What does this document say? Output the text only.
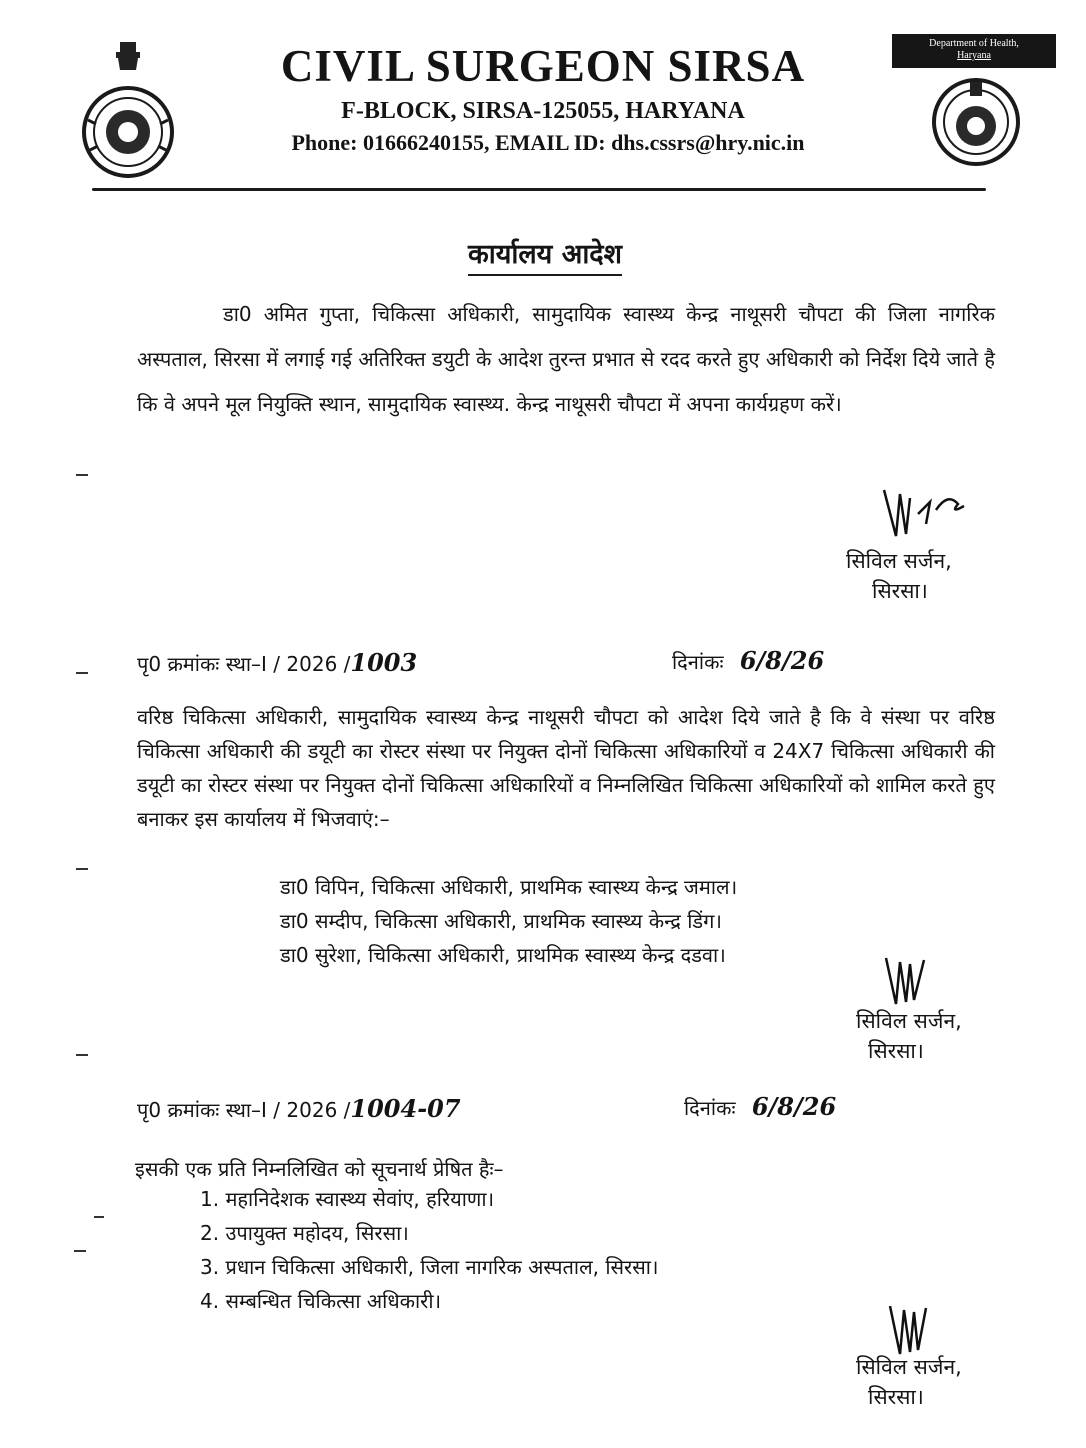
CIVIL SURGEON SIRSA
F-BLOCK, SIRSA-125055, HARYANA
Phone: 01666240155, EMAIL ID: dhs.cssrs@hry.nic.in
Department of Health,
Haryana
कार्यालय आदेश
डा0 अमित गुप्ता, चिकित्सा अधिकारी, सामुदायिक स्वास्थ्य केन्द्र नाथूसरी चौपटा की जिला नागरिक अस्पताल, सिरसा में लगाई गई अतिरिक्त डयुटी के आदेश तुरन्त प्रभात से रदद करते हुए अधिकारी को निर्देश दिये जाते है कि वे अपने मूल नियुक्ति स्थान, सामुदायिक स्वास्थ्य. केन्द्र नाथूसरी चौपटा में अपना कार्यग्रहण करें।
सिविल सर्जन,
सिरसा।
पृ0 क्रमांकः स्था–I / 2026 /1003	दिनांकः 6/8/26
वरिष्ठ चिकित्सा अधिकारी, सामुदायिक स्वास्थ्य केन्द्र नाथूसरी चौपटा को आदेश दिये जाते है कि वे संस्था पर वरिष्ठ चिकित्सा अधिकारी की डयूटी का रोस्टर संस्था पर नियुक्त दोनों चिकित्सा अधिकारियों व 24X7 चिकित्सा अधिकारी की डयूटी का रोस्टर संस्था पर नियुक्त दोनों चिकित्सा अधिकारियों व निम्नलिखित चिकित्सा अधिकारियों को शामिल करते हुए बनाकर इस कार्यालय में भिजवाएं:–
डा0 विपिन, चिकित्सा अधिकारी, प्राथमिक स्वास्थ्य केन्द्र जमाल।
डा0 सम्दीप, चिकित्सा अधिकारी, प्राथमिक स्वास्थ्य केन्द्र डिंग।
डा0 सुरेशा, चिकित्सा अधिकारी, प्राथमिक स्वास्थ्य केन्द्र दडवा।
सिविल सर्जन,
सिरसा।
पृ0 क्रमांकः स्था–I / 2026 /1004-07	दिनांकः 6/8/26
इसकी एक प्रति निम्नलिखित को सूचनार्थ प्रेषित हैः–
1. महानिदेशक स्वास्थ्य सेवांए, हरियाणा।
2. उपायुक्त महोदय, सिरसा।
3. प्रधान चिकित्सा अधिकारी, जिला नागरिक अस्पताल, सिरसा।
4. सम्बन्धित चिकित्सा अधिकारी।
सिविल सर्जन,
सिरसा।
